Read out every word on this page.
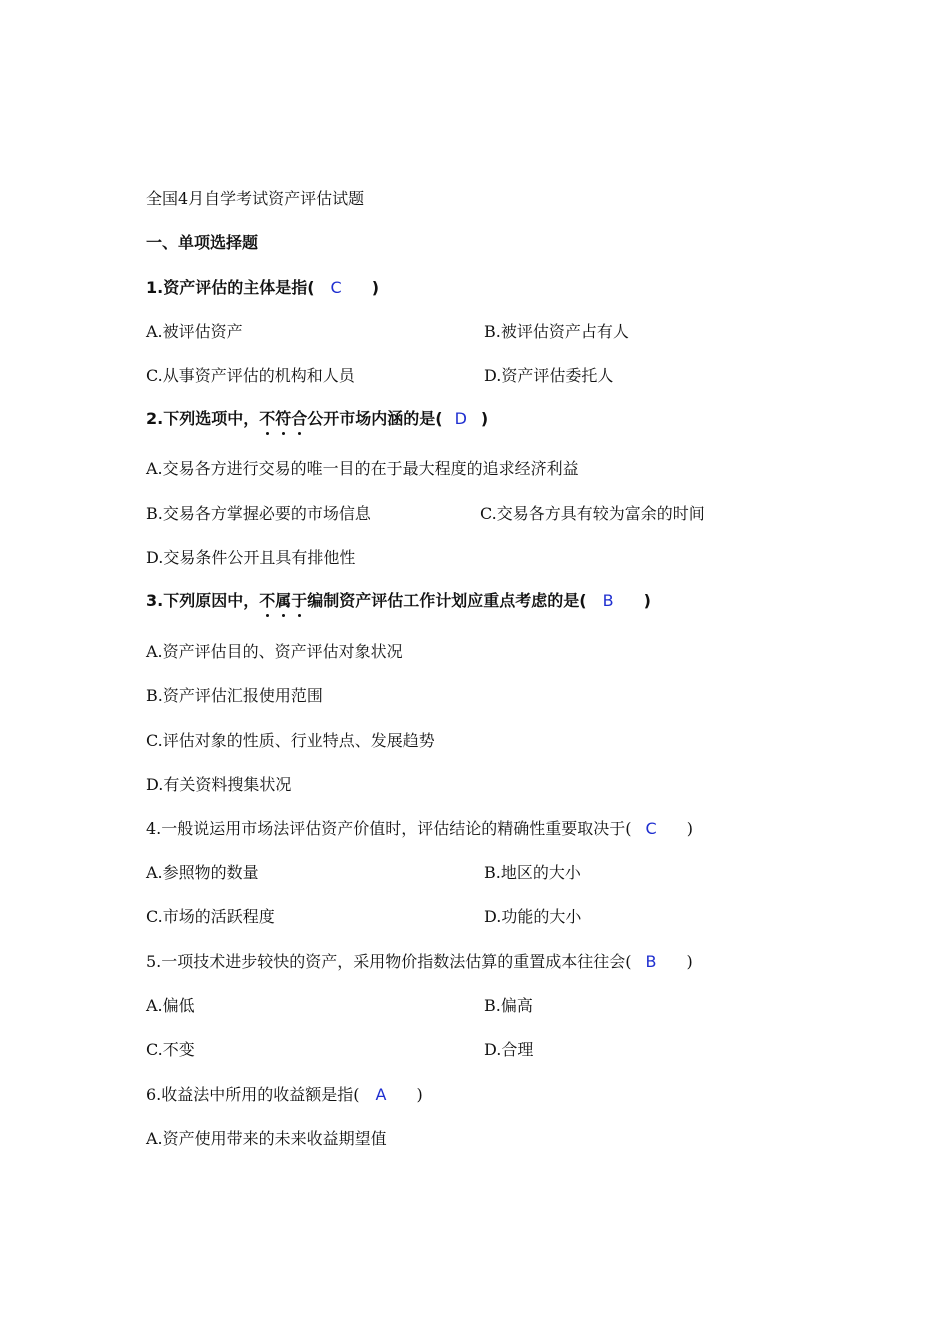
全国4月自学考试资产评估试题
一、单项选择题
1.资产评估的主体是指( C )
A.被评估资产	B.被评估资产占有人
C.从事资产评估的机构和人员	D.资产评估委托人
2.下列选项中，不符合公开市场内涵的是( D )
A.交易各方进行交易的唯一目的在于最大程度的追求经济利益
B.交易各方掌握必要的市场信息	C.交易各方具有较为富余的时间
D.交易条件公开且具有排他性
3.下列原因中，不属于编制资产评估工作计划应重点考虑的是( B )
A.资产评估目的、资产评估对象状况
B.资产评估汇报使用范围
C.评估对象的性质、行业特点、发展趋势
D.有关资料搜集状况
4.一般说运用市场法评估资产价值时，评估结论的精确性重要取决于( C )
A.参照物的数量	B.地区的大小
C.市场的活跃程度	D.功能的大小
5.一项技术进步较快的资产，采用物价指数法估算的重置成本往往会( B )
A.偏低	B.偏高
C.不变	D.合理
6.收益法中所用的收益额是指( A )
A.资产使用带来的未来收益期望值
